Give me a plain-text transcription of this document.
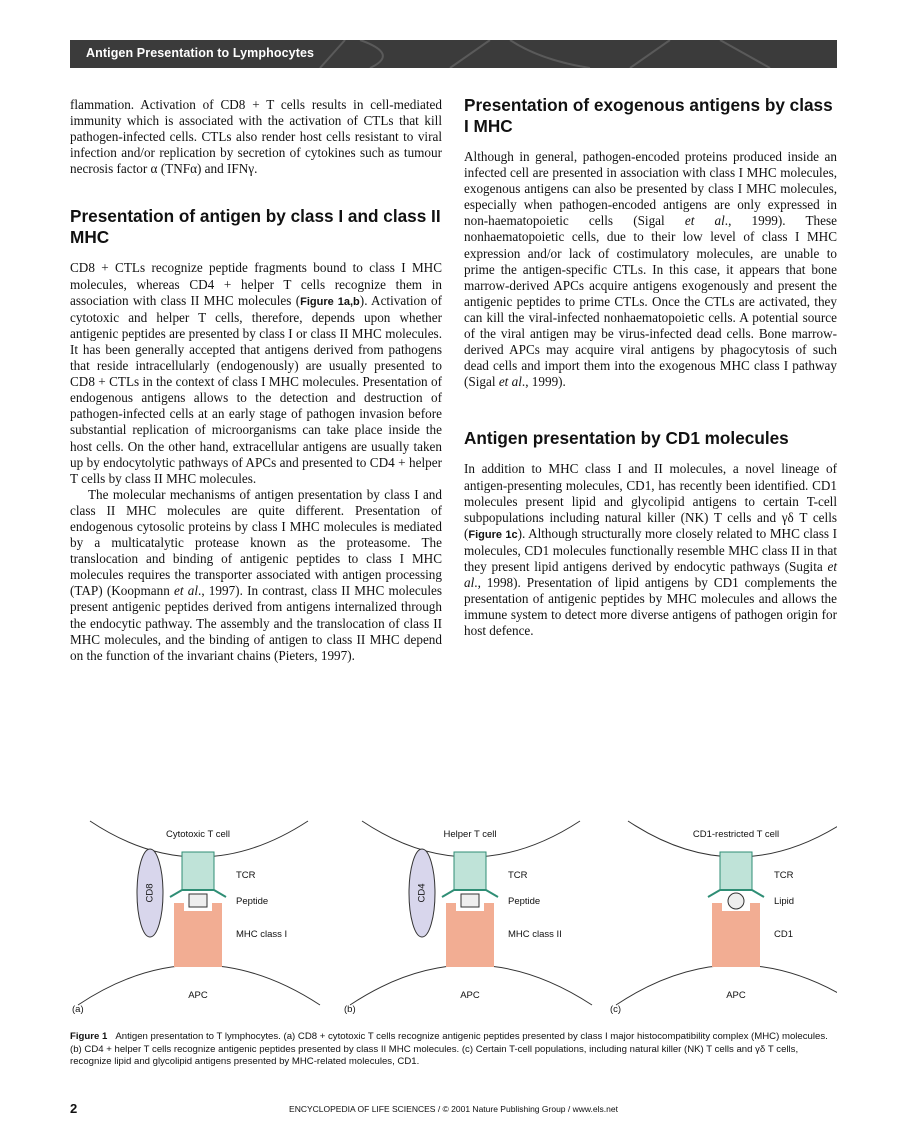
Antigen Presentation to Lymphocytes

flammation. Activation of CD8 + T cells results in cell-mediated immunity which is associated with the activation of CTLs that kill pathogen-infected cells. CTLs also render host cells resistant to viral infection and/or replication by secretion of cytokines such as tumour necrosis factor α (TNFα) and IFNγ.

Presentation of antigen by class I and class II MHC

CD8 + CTLs recognize peptide fragments bound to class I MHC molecules, whereas CD4 + helper T cells recognize them in association with class II MHC molecules (Figure 1a,b). Activation of cytotoxic and helper T cells, therefore, depends upon whether antigenic peptides are presented by class I or class II MHC molecules. It has been generally accepted that antigens derived from pathogens that reside intracellularly (endogenously) are usually presented to CD8 + CTLs in the context of class I MHC molecules. Presentation of endogenous antigens allows to the detection and destruction of pathogen-infected cells at an early stage of pathogen invasion before substantial replication of microorganisms can take place inside the host cells. On the other hand, extracellular antigens are usually taken up by endocytolytic pathways of APCs and presented to CD4 + helper T cells by class II MHC molecules.

The molecular mechanisms of antigen presentation by class I and class II MHC molecules are quite different. Presentation of endogenous cytosolic proteins by class I MHC molecules is mediated by a multicatalytic protease known as the proteasome. The translocation and binding of antigenic peptides to class I MHC molecules requires the transporter associated with antigen processing (TAP) (Koopmann et al., 1997). In contrast, class II MHC molecules present antigenic peptides derived from antigens internalized through the endocytic pathway. The assembly and the translocation of class II MHC molecules, and the binding of antigen to class II MHC depend on the function of the invariant chains (Pieters, 1997).

Presentation of exogenous antigens by class I MHC

Although in general, pathogen-encoded proteins produced inside an infected cell are presented in association with class I MHC molecules, exogenous antigens can also be presented by class I MHC molecules, especially when pathogen-encoded antigens are only expressed in non-haematopoietic cells (Sigal et al., 1999). These nonhaematopoietic cells, due to their low level of class I MHC expression and/or lack of costimulatory molecules, are unable to prime the antigen-specific CTLs. In this case, it appears that bone marrow-derived APCs acquire antigens exogenously and present the antigenic peptides to prime CTLs. Once the CTLs are activated, they can kill the viral-infected nonhaematopoietic cells. A potential source of the viral antigen may be virus-infected dead cells. Bone marrow-derived APCs may acquire viral antigens by phagocytosis of such dead cells and import them into the exogenous MHC class I pathway (Sigal et al., 1999).

Antigen presentation by CD1 molecules

In addition to MHC class I and II molecules, a novel lineage of antigen-presenting molecules, CD1, has recently been identified. CD1 molecules present lipid and glycolipid antigens to certain T-cell subpopulations including natural killer (NK) T cells and γδ T cells (Figure 1c). Although structurally more closely related to MHC class I molecules, CD1 molecules functionally resemble MHC class II in that they present lipid antigens derived by endocytic pathways (Sugita et al., 1998). Presentation of lipid antigens by CD1 complements the presentation of antigenic peptides by MHC molecules and allows the immune system to detect more diverse antigens of pathogen origin for host defence.

Cytotoxic T cell
APC
(a)
CD8
TCR
MHC class I
Peptide
Helper T cell
APC
(b)
CD4
TCR
MHC class II
Peptide
CD1-restricted T cell
APC
(c)
TCR
CD1
Lipid
Figure 1 Antigen presentation to T lymphocytes. (a) CD8 + cytotoxic T cells recognize antigenic peptides presented by class I major histocompatibility complex (MHC) molecules. (b) CD4 + helper T cells recognize antigenic peptides presented by class II MHC molecules. (c) Certain T-cell populations, including natural killer (NK) T cells and γδ T cells, recognize lipid and glycolipid antigens presented by MHC-related molecules, CD1.
2	ENCYCLOPEDIA OF LIFE SCIENCES / © 2001 Nature Publishing Group / www.els.net
